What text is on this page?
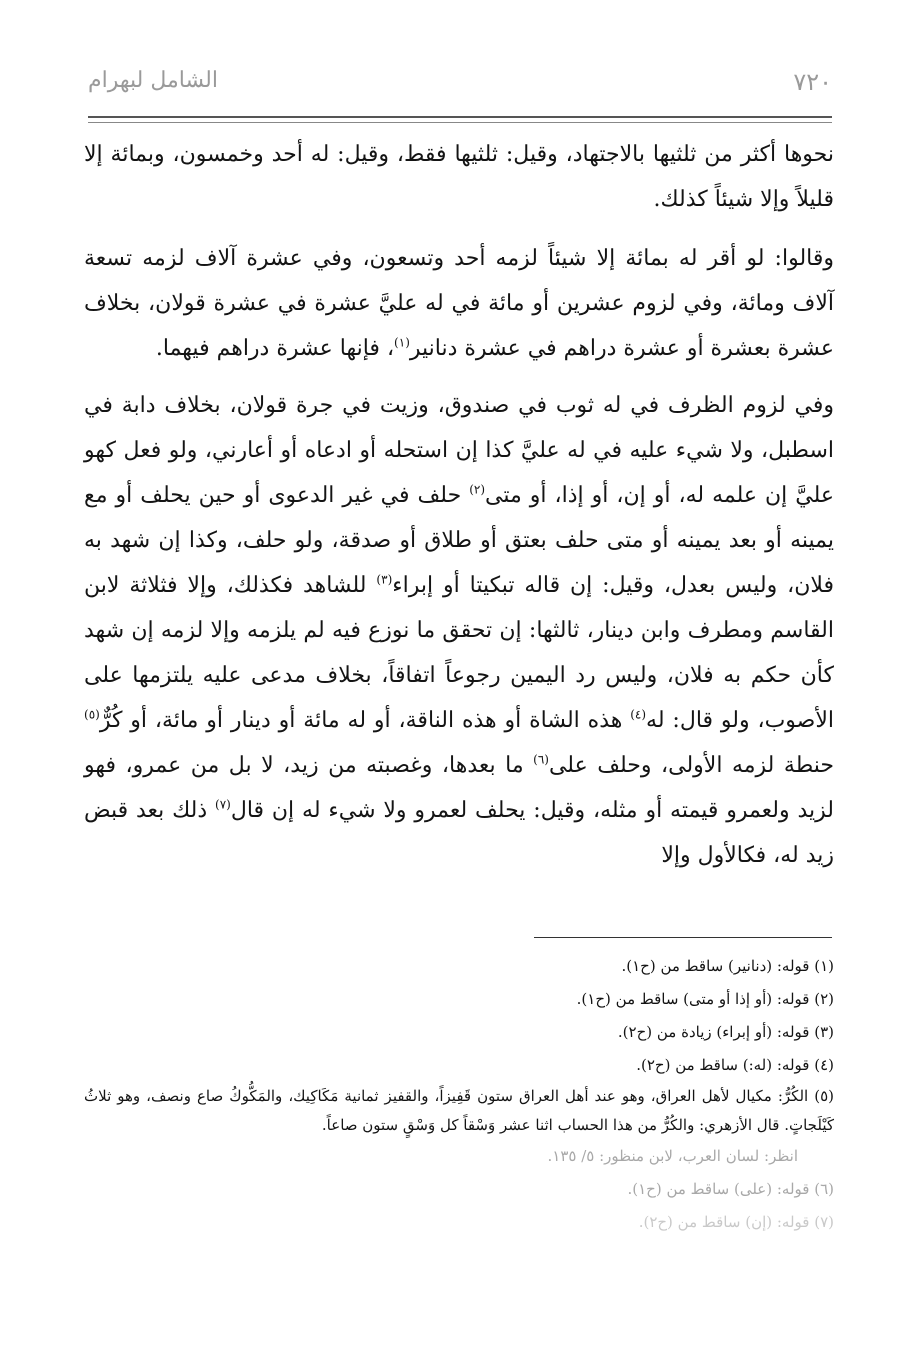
٧٢٠
الشامل لبهرام

نحوها أكثر من ثلثيها بالاجتهاد، وقيل: ثلثيها فقط، وقيل: له أحد وخمسون، وبمائة إلا قليلاً وإلا شيئاً كذلك.

وقالوا: لو أقر له بمائة إلا شيئاً لزمه أحد وتسعون، وفي عشرة آلاف لزمه تسعة آلاف ومائة، وفي لزوم عشرين أو مائة في له عليَّ عشرة في عشرة قولان، بخلاف عشرة بعشرة أو عشرة دراهم في عشرة دنانير$^{(١)}$، فإنها عشرة دراهم فيهما.

وفي لزوم الظرف في له ثوب في صندوق، وزيت في جرة قولان، بخلاف دابة في اسطبل، ولا شيء عليه في له عليَّ كذا إن استحله أو ادعاه أو أعارني، ولو فعل كهو عليَّ إن علمه له، أو إن، أو إذا، أو متى$^{(٢)}$ حلف في غير الدعوى أو حين يحلف أو مع يمينه أو بعد يمينه أو متى حلف بعتق أو طلاق أو صدقة، ولو حلف، وكذا إن شهد به فلان، وليس بعدل، وقيل: إن قاله تبكيتا أو إبراء$^{(٣)}$ للشاهد فكذلك، وإلا فثلاثة لابن القاسم ومطرف وابن دينار، ثالثها: إن تحقق ما نوزع فيه لم يلزمه وإلا لزمه إن شهد كأن حكم به فلان، وليس رد اليمين رجوعاً اتفاقاً، بخلاف مدعى عليه يلتزمها على الأصوب، ولو قال: له$^{(٤)}$ هذه الشاة أو هذه الناقة، أو له مائة أو دينار أو مائة، أو كُرٌّ$^{(٥)}$ حنطة لزمه الأولى، وحلف على$^{(٦)}$ ما بعدها، وغصبته من زيد، لا بل من عمرو، فهو لزيد ولعمرو قيمته أو مثله، وقيل: يحلف لعمرو ولا شيء له إن قال$^{(٧)}$ ذلك بعد قبض زيد له، فكالأول وإلا

(١) قوله: (دنانير) ساقط من (ح١).

(٢) قوله: (أو إذا أو متى) ساقط من (ح١).

(٣) قوله: (أو إبراء) زيادة من (ح٢).

(٤) قوله: (له:) ساقط من (ح٢).

(٥) الكُرُّ: مكيال لأهل العراق، وهو عند أهل العراق ستون قَفِيزاً، والقفيز ثمانية مَكَاكِيك، والمَكُّوكُ صاع ونصف، وهو ثلاثُ كَيْلَجاتٍ. قال الأزهري: والكُرُّ من هذا الحساب اثنا عشر وَسْقاً كل وَسْقٍ ستون صاعاً.

انظر: لسان العرب، لابن منظور: ٥/ ١٣٥.

(٦) قوله: (على) ساقط من (ح١).

(٧) قوله: (إن) ساقط من (ح٢).
